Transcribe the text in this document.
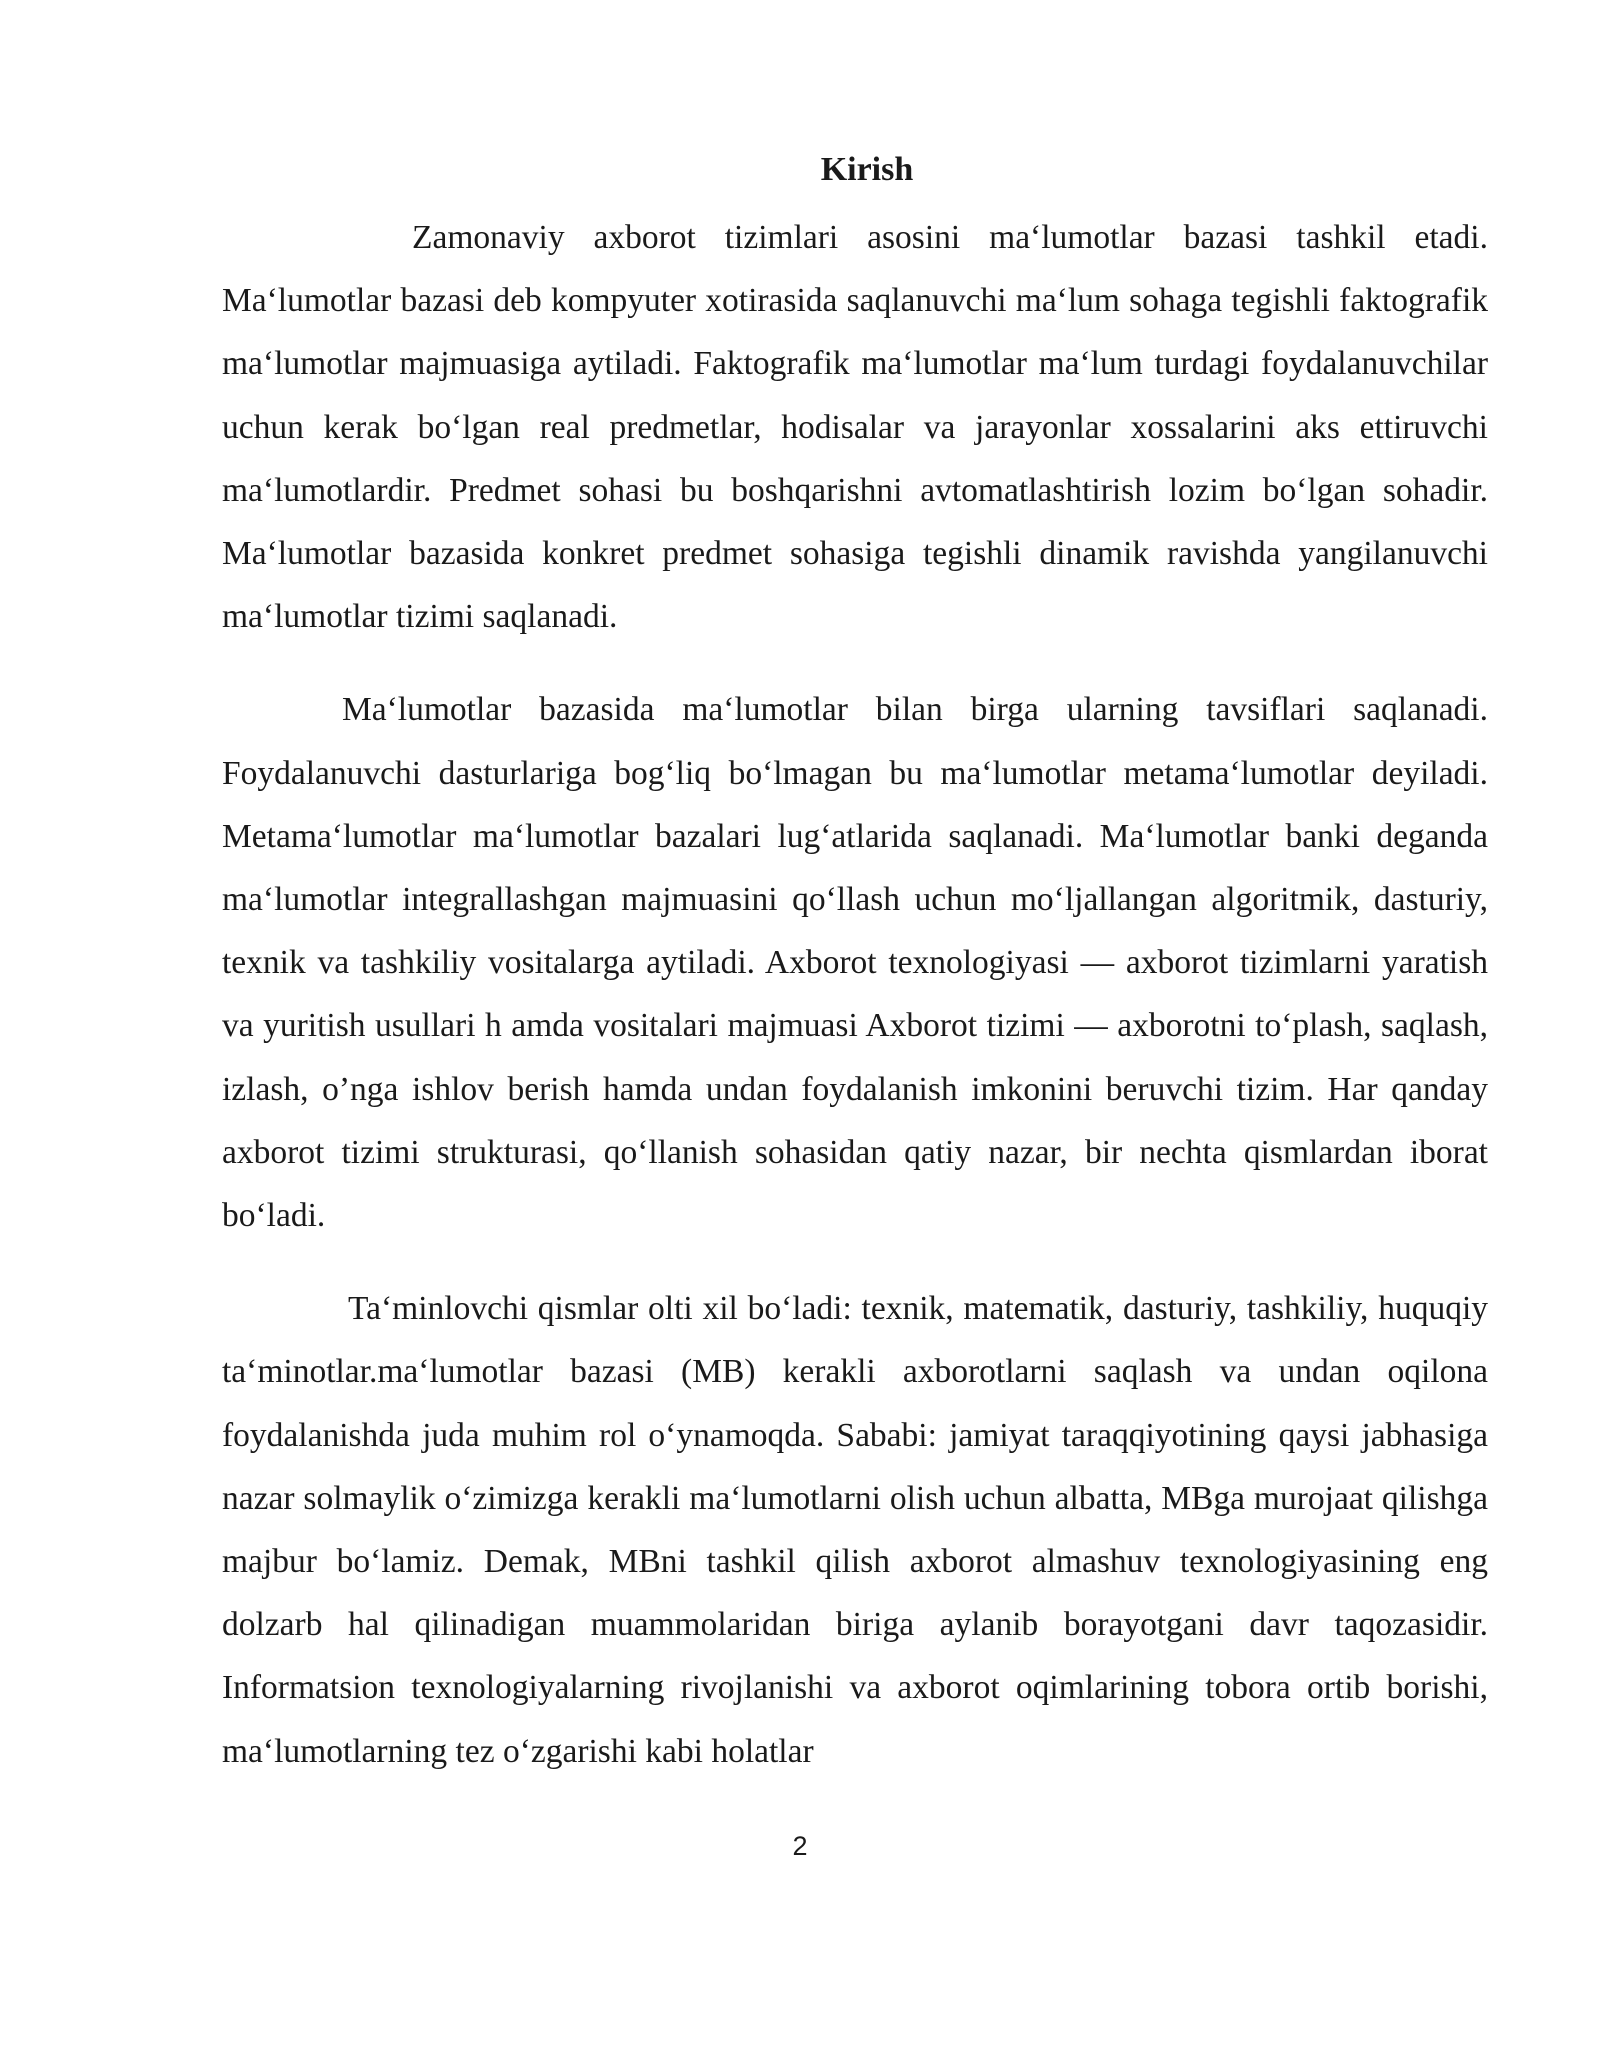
Kirish

Zamonaviy axborot tizimlari asosini ma‘lumotlar bazasi tashkil etadi. Ma‘lumotlar bazasi deb kompyuter xotirasida saqlanuvchi ma‘lum sohaga tegishli faktografik ma‘lumotlar majmuasiga aytiladi. Faktografik ma‘lumotlar ma‘lum turdagi foydalanuvchilar uchun kerak bo‘lgan real predmetlar, hodisalar va jarayonlar xossalarini aks ettiruvchi ma‘lumotlardir. Predmet sohasi bu boshqarishni avtomatlashtirish lozim bo‘lgan sohadir. Ma‘lumotlar bazasida konkret predmet sohasiga tegishli dinamik ravishda yangilanuvchi ma‘lumotlar tizimi saqlanadi.

Ma‘lumotlar bazasida ma‘lumotlar bilan birga ularning tavsiflari saqlanadi. Foydalanuvchi dasturlariga bog‘liq bo‘lmagan bu ma‘lumotlar metama‘lumotlar deyiladi. Metama‘lumotlar ma‘lumotlar bazalari lug‘atlarida saqlanadi. Ma‘lumotlar banki deganda ma‘lumotlar integrallashgan majmuasini qo‘llash uchun mo‘ljallangan algoritmik, dasturiy, texnik va tashkiliy vositalarga aytiladi. Axborot texnologiyasi — axborot tizimlarni yaratish va yuritish usullari h amda vositalari majmuasi Axborot tizimi — axborotni to‘plash, saqlash, izlash, o’nga ishlov berish hamda undan foydalanish imkonini beruvchi tizim. Har qanday axborot tizimi strukturasi, qo‘llanish sohasidan qatiy nazar, bir nechta qismlardan iborat bo‘ladi.

Ta‘minlovchi qismlar olti xil bo‘ladi: texnik, matematik, dasturiy, tashkiliy, huquqiy ta‘minotlar.ma‘lumotlar bazasi (MB) kerakli axborotlarni saqlash va undan oqilona foydalanishda juda muhim rol o‘ynamoqda. Sababi: jamiyat taraqqiyotining qaysi jabhasiga nazar solmaylik o‘zimizga kerakli ma‘lumotlarni olish uchun albatta, MBga murojaat qilishga majbur bo‘lamiz. Demak, MBni tashkil qilish axborot almashuv texnologiyasining eng dolzarb hal qilinadigan muammolaridan biriga aylanib borayotgani davr taqozasidir. Informatsion texnologiyalarning rivojlanishi va axborot oqimlarining tobora ortib borishi, ma‘lumotlarning tez o‘zgarishi kabi holatlar

2
